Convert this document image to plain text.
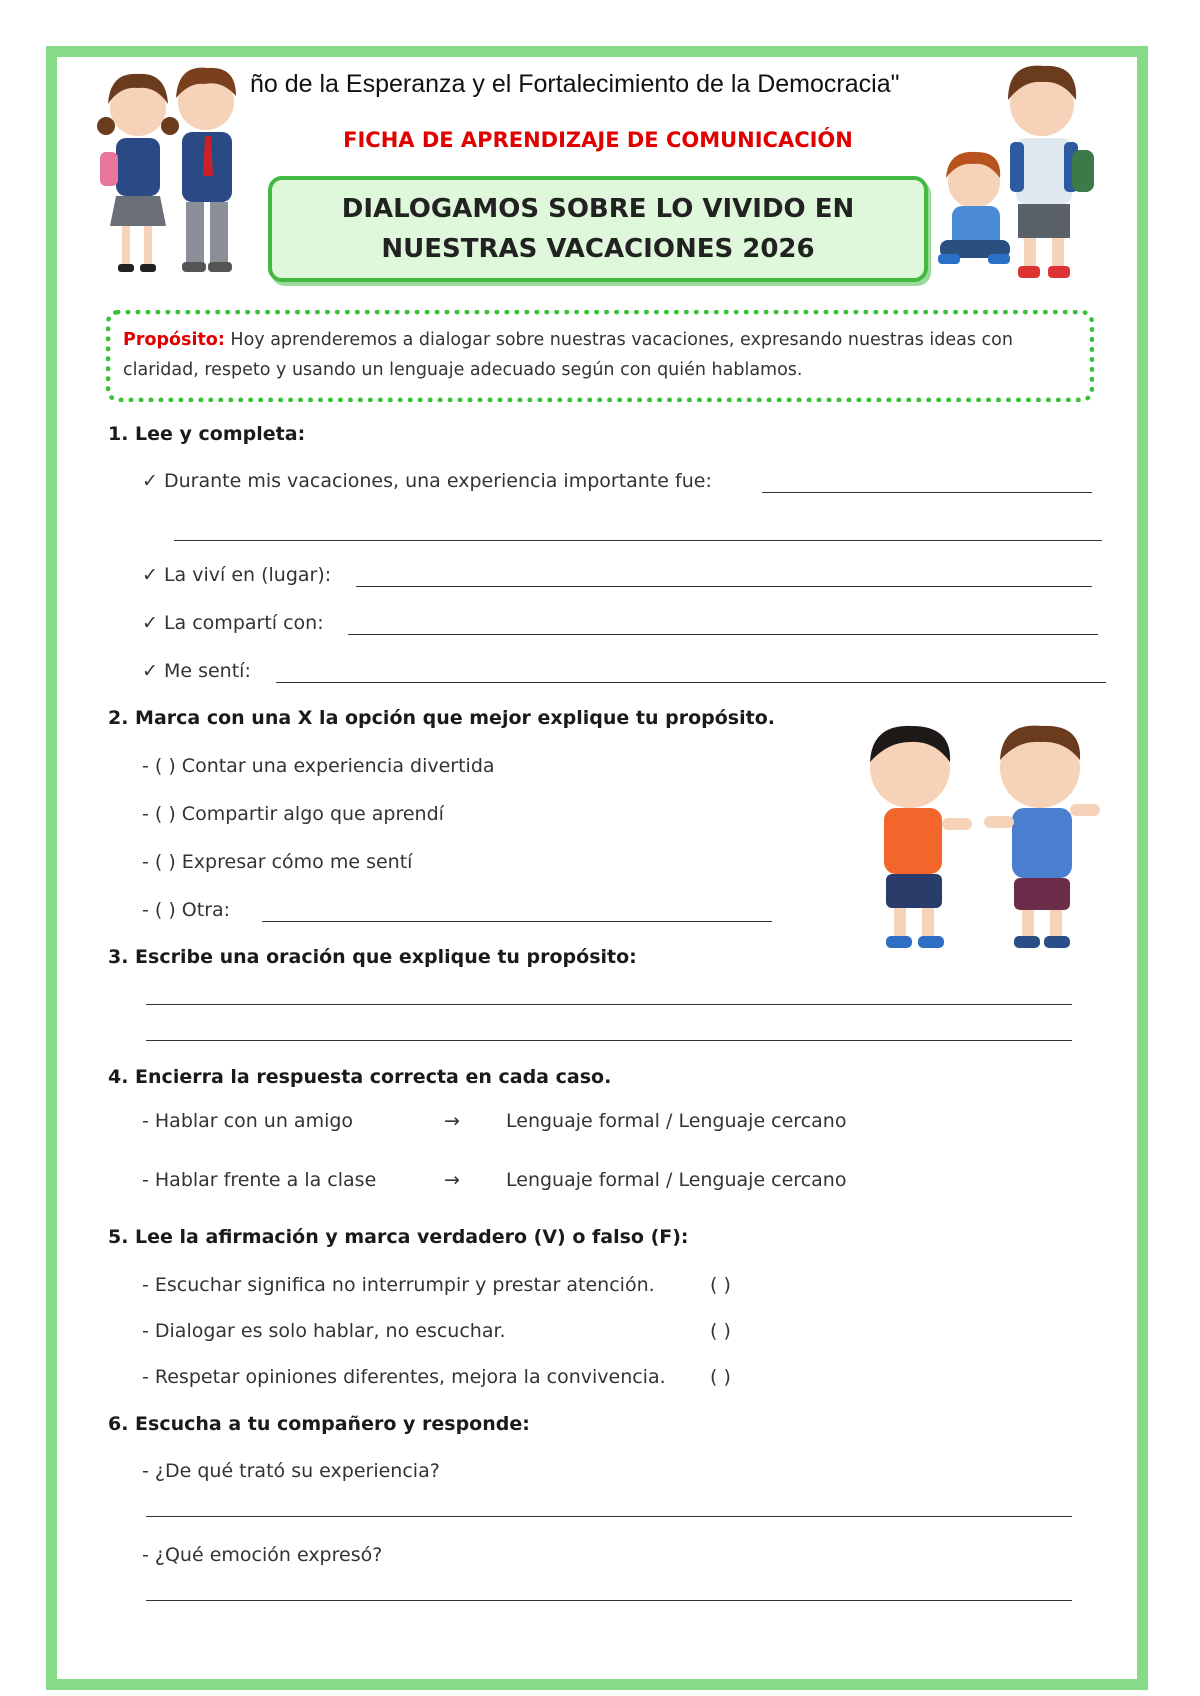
ño de la Esperanza y el Fortalecimiento de la Democracia"
FICHA DE APRENDIZAJE DE COMUNICACIÓN
DIALOGAMOS SOBRE LO VIVIDO EN
NUESTRAS VACACIONES 2026
Propósito: Hoy aprenderemos a dialogar sobre nuestras vacaciones, expresando nuestras ideas con claridad, respeto y usando un lenguaje adecuado según con quién hablamos.
1. Lee y completa:
✓ Durante mis vacaciones, una experiencia importante fue:
✓ La viví en (lugar):
✓ La compartí con:
✓ Me sentí:
2. Marca con una X la opción que mejor explique tu propósito.
- ( ) Contar una experiencia divertida
- ( ) Compartir algo que aprendí
- ( ) Expresar cómo me sentí
- ( ) Otra:
3. Escribe una oración que explique tu propósito:
4. Encierra la respuesta correcta en cada caso.
- Hablar con un amigo	→ Lenguaje formal / Lenguaje cercano
- Hablar frente a la clase	→ Lenguaje formal / Lenguaje cercano
5. Lee la afirmación y marca verdadero (V) o falso (F):
- Escuchar significa no interrumpir y prestar atención.	( )
- Dialogar es solo hablar, no escuchar.	( )
- Respetar opiniones diferentes, mejora la convivencia. ( )
6. Escucha a tu compañero y responde:
- ¿De qué trató su experiencia?
- ¿Qué emoción expresó?
